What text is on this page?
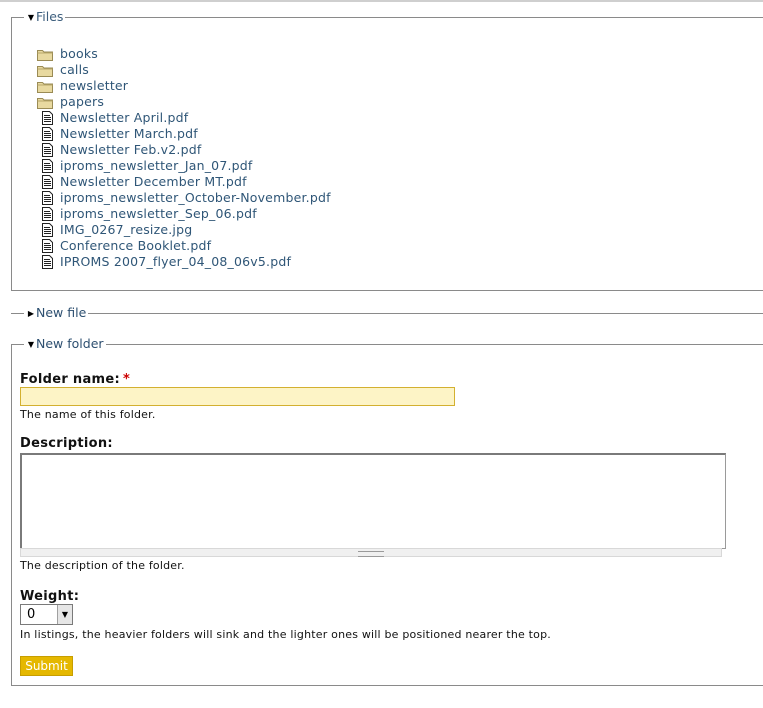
▼ Files
books
calls
newsletter
papers
Newsletter April.pdf
Newsletter March.pdf
Newsletter Feb.v2.pdf
iproms_newsletter_Jan_07.pdf
Newsletter December MT.pdf
iproms_newsletter_October-November.pdf
iproms_newsletter_Sep_06.pdf
IMG_0267_resize.jpg
Conference Booklet.pdf
IPROMS 2007_flyer_04_08_06v5.pdf
▶ New file
▼ New folder
Folder name: *
The name of this folder.
Description:
The description of the folder.
Weight:
0	▼
In listings, the heavier folders will sink and the lighter ones will be positioned nearer the top.
Submit
